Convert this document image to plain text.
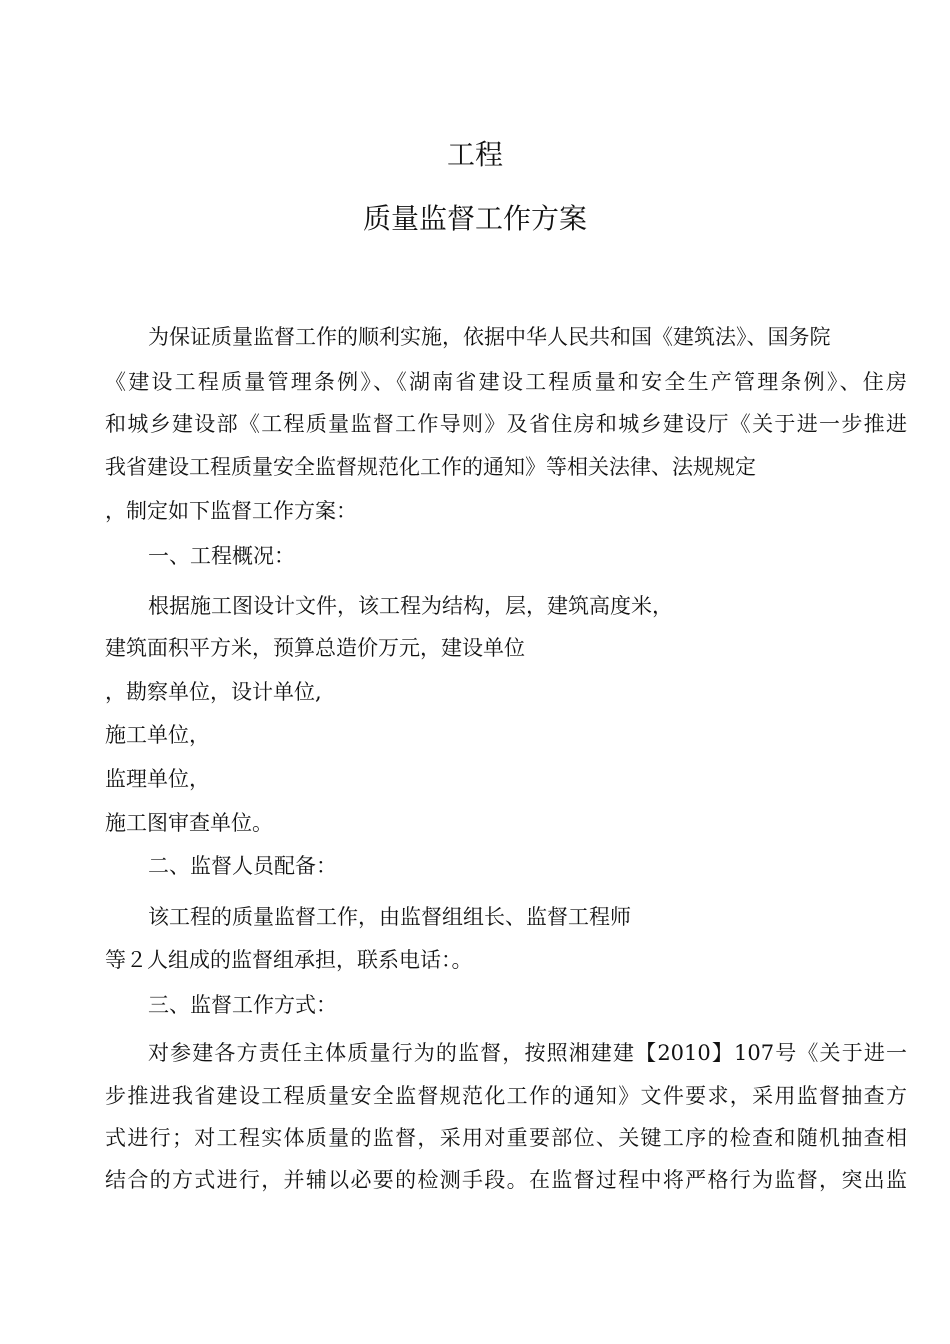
工程
质量监督工作方案
为保证质量监督工作的顺利实施，依据中华人民共和国《建筑法》、国务院
《建设工程质量管理条例》、《湖南省建设工程质量和安全生产管理条例》、住房
和城乡建设部《工程质量监督工作导则》及省住房和城乡建设厅《关于进一步推进
我省建设工程质量安全监督规范化工作的通知》等相关法律、法规规定
，制定如下监督工作方案：
一、工程概况：
根据施工图设计文件，该工程为结构，层，建筑高度米，
建筑面积平方米，预算总造价万元，建设单位
，勘察单位，设计单位,
施工单位，
监理单位，
施工图审查单位。
二、监督人员配备：
该工程的质量监督工作，由监督组组长、监督工程师
等２人组成的监督组承担，联系电话：。
三、监督工作方式：
对参建各方责任主体质量行为的监督，按照湘建建【2010】107号《关于进一
步推进我省建设工程质量安全监督规范化工作的通知》文件要求，采用监督抽查方
式进行；对工程实体质量的监督，采用对重要部位、关键工序的检查和随机抽查相
结合的方式进行，并辅以必要的检测手段。在监督过程中将严格行为监督，突出监
